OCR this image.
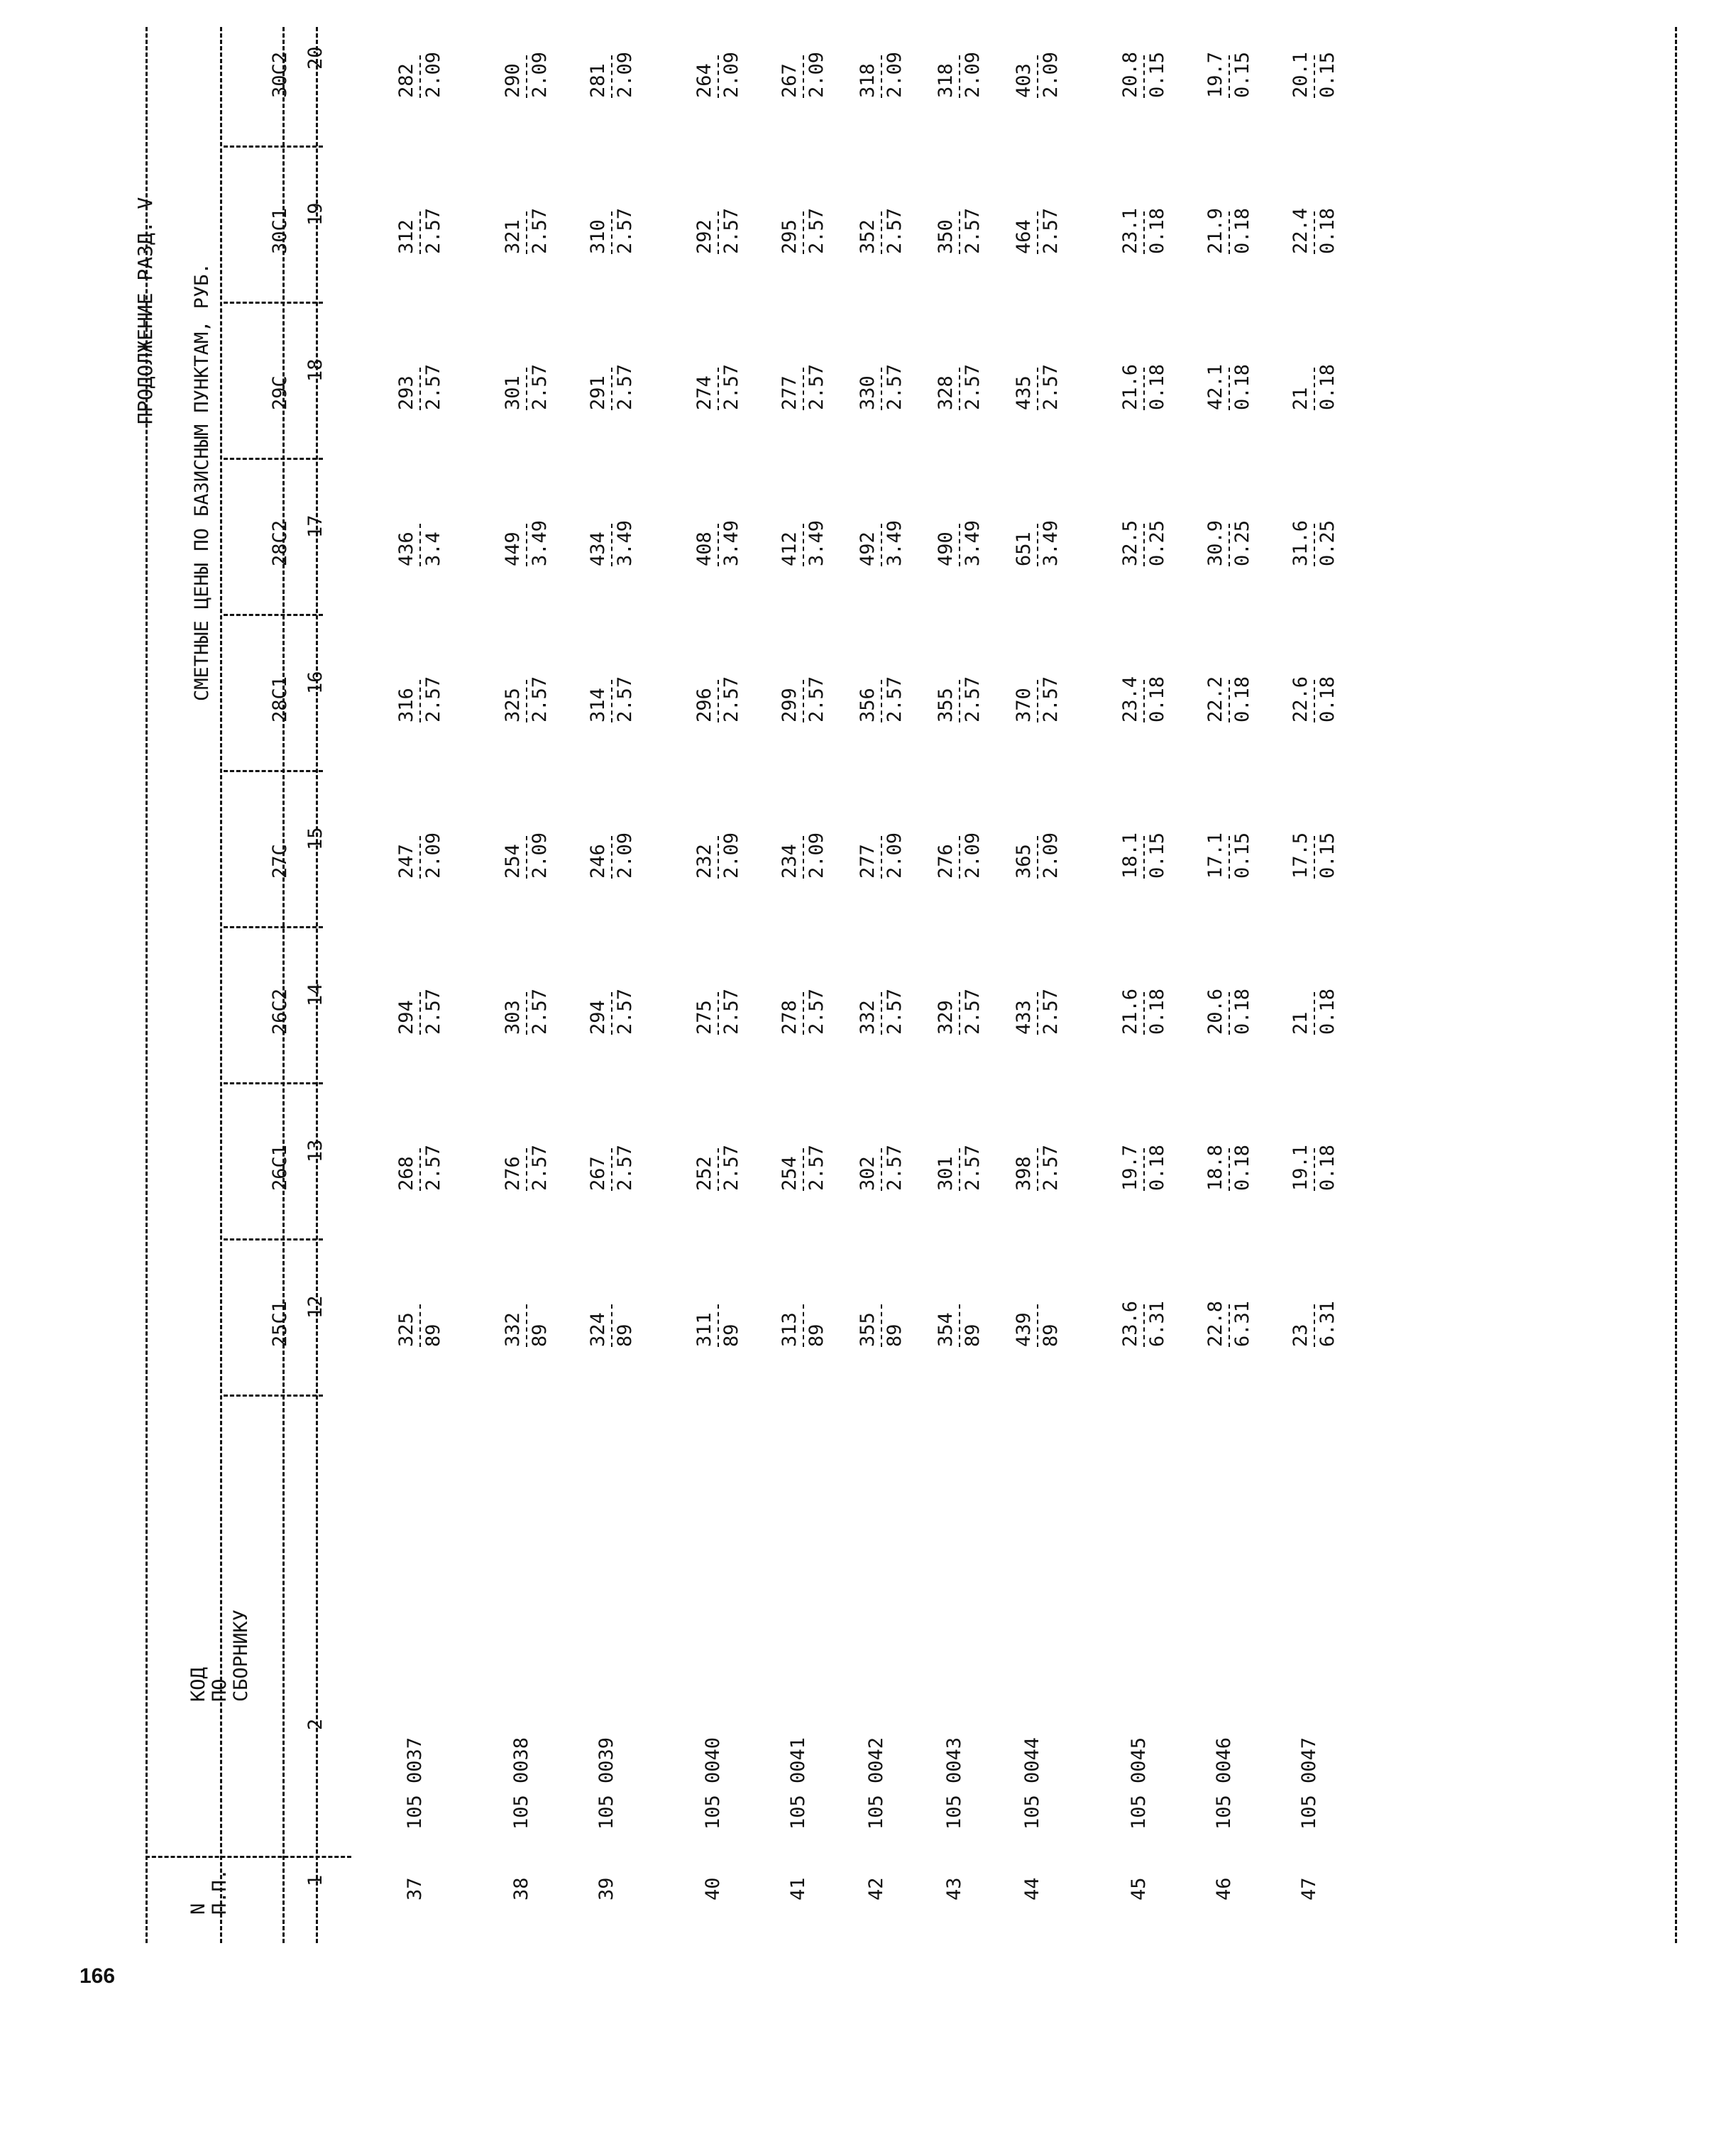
ПРОДОЛЖЕНИЕ РАЗД. V
N
П.П.
КОД
ПО
СБОРНИКУ
СМЕТНЫЕ ЦЕНЫ ПО БАЗИСНЫМ ПУНКТАМ, РУБ.
25С1
26С1
26С2
27С
28С1
28С2
29С
30С1
30С2
1
2
12
13
14
15
16
17
18
19
20
37
105 0037
325 89
268 2.57
294 2.57
247 2.09
316 2.57
436 3.4
293 2.57
312 2.57
282 2.09
38
105 0038
332 89
276 2.57
303 2.57
254 2.09
325 2.57
449 3.49
301 2.57
321 2.57
290 2.09
39
105 0039
324 89
267 2.57
294 2.57
246 2.09
314 2.57
434 3.49
291 2.57
310 2.57
281 2.09
40
105 0040
311 89
252 2.57
275 2.57
232 2.09
296 2.57
408 3.49
274 2.57
292 2.57
264 2.09
41
105 0041
313 89
254 2.57
278 2.57
234 2.09
299 2.57
412 3.49
277 2.57
295 2.57
267 2.09
42
105 0042
355 89
302 2.57
332 2.57
277 2.09
356 2.57
492 3.49
330 2.57
352 2.57
318 2.09
43
105 0043
354 89
301 2.57
329 2.57
276 2.09
355 2.57
490 3.49
328 2.57
350 2.57
318 2.09
44
105 0044
439 89
398 2.57
433 2.57
365 2.09
370 2.57
651 3.49
435 2.57
464 2.57
403 2.09
45
105 0045
23.6 6.31
19.7 0.18
21.6 0.18
18.1 0.15
23.4 0.18
32.5 0.25
21.6 0.18
23.1 0.18
20.8 0.15
46
105 0046
22.8 6.31
18.8 0.18
20.6 0.18
17.1 0.15
22.2 0.18
30.9 0.25
42.1 0.18
21.9 0.18
19.7 0.15
47
105 0047
23 6.31
19.1 0.18
21 0.18
17.5 0.15
22.6 0.18
31.6 0.25
21 0.18
22.4 0.18
20.1 0.15
166
